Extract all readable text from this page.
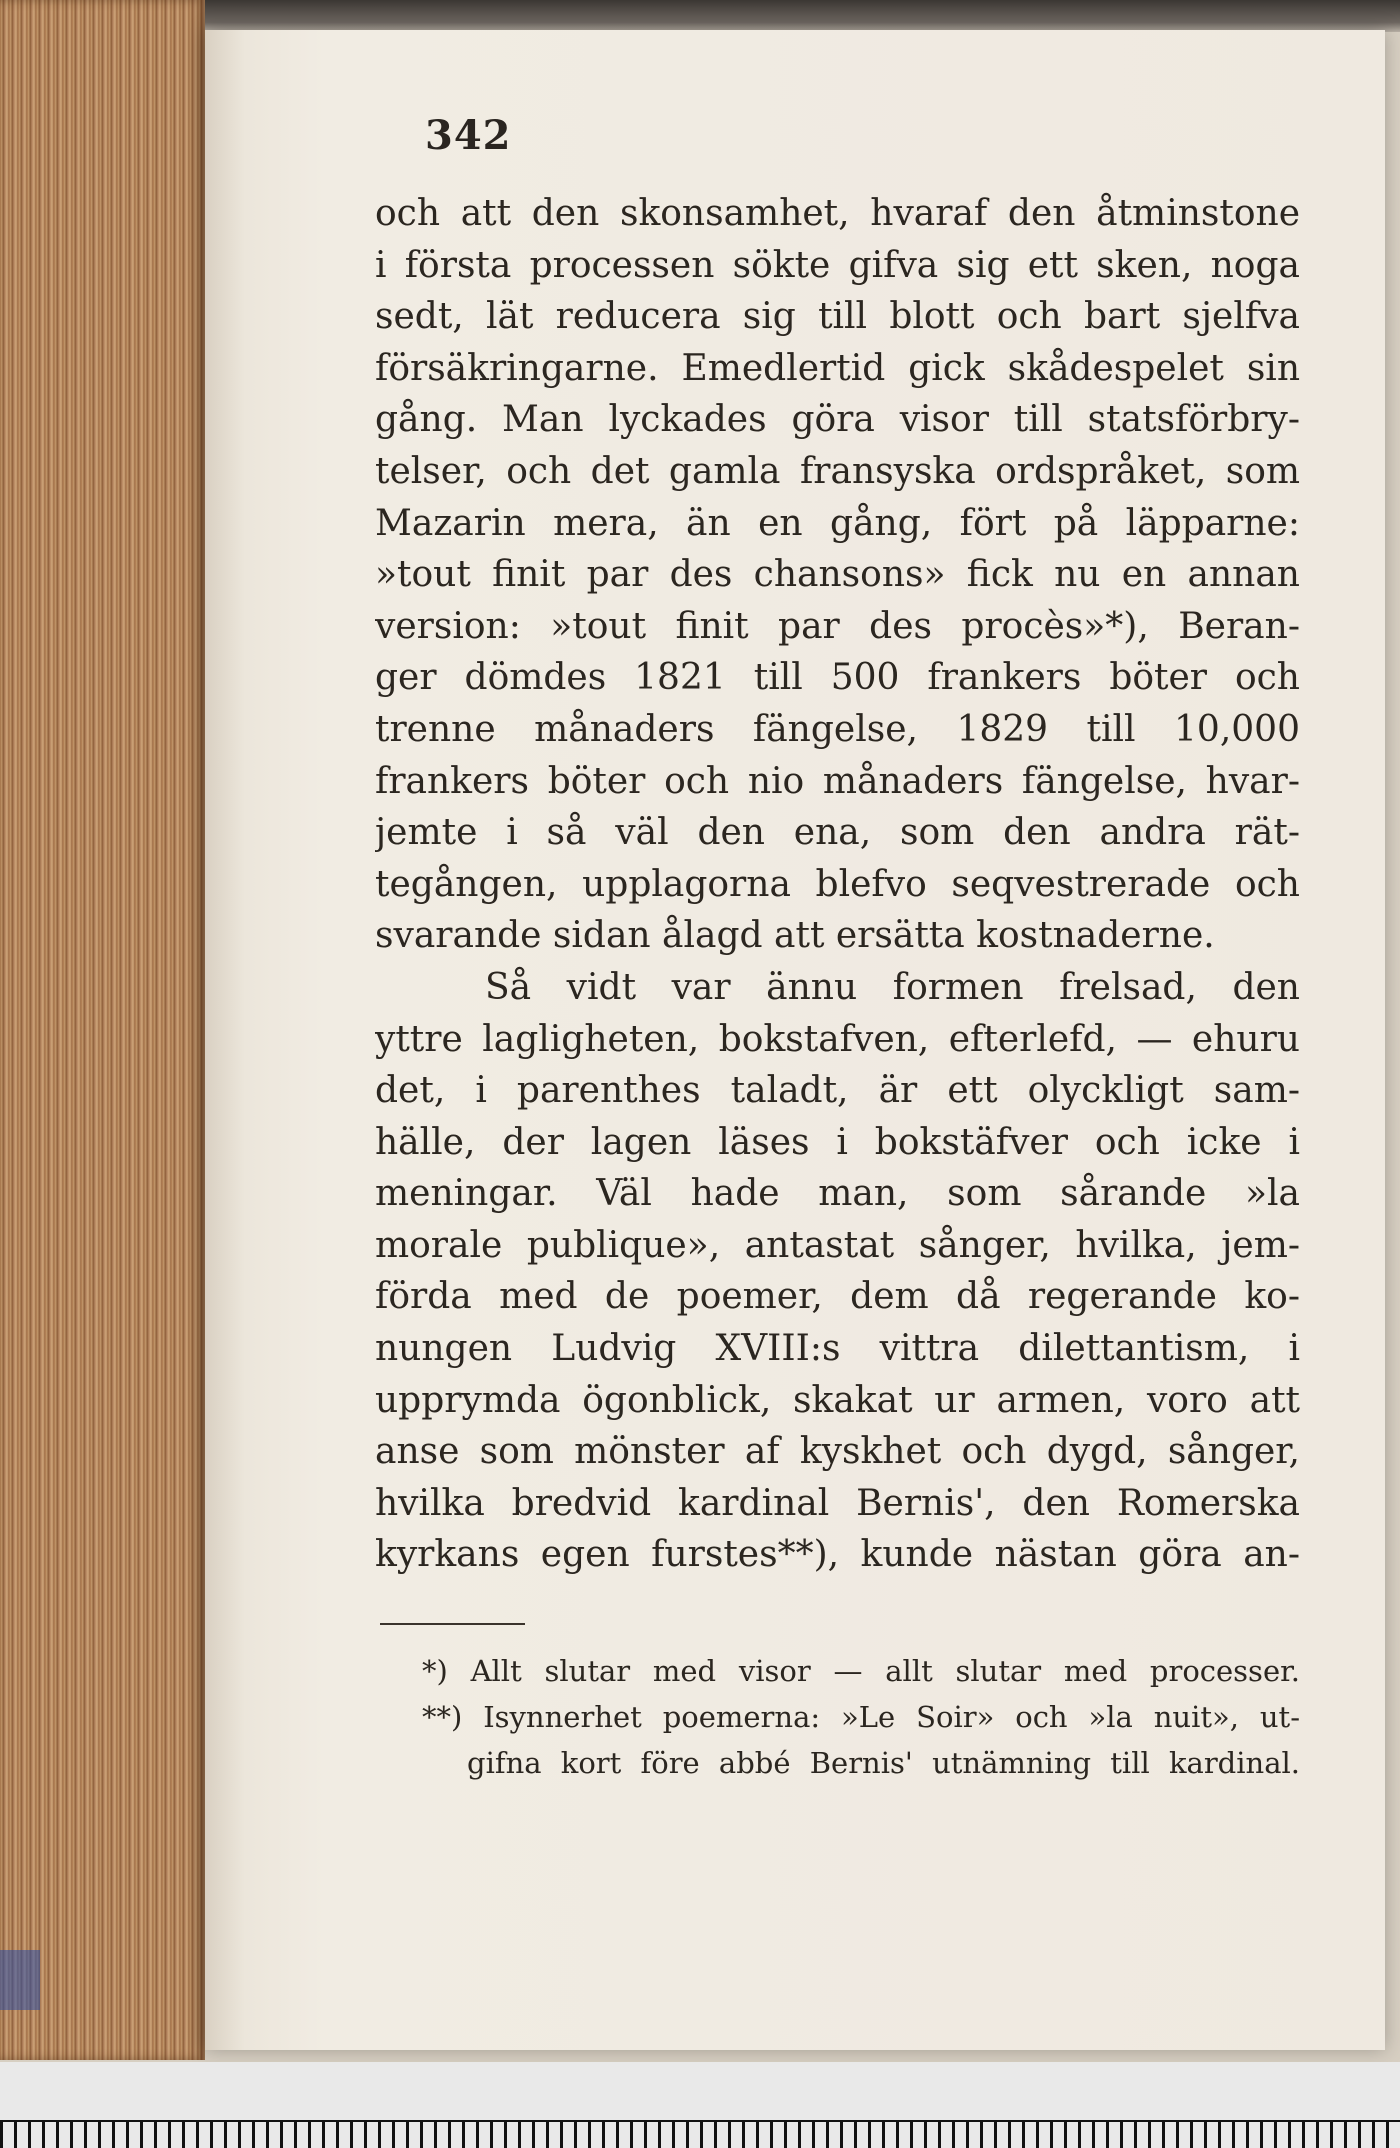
342
och att den skonsamhet, hvaraf den åtminstone
i första processen sökte gifva sig ett sken, noga
sedt, lät reducera sig till blott och bart sjelfva
försäkringarne. Emedlertid gick skådespelet sin
gång. Man lyckades göra visor till statsförbry-
telser, och det gamla fransyska ordspråket, som
Mazarin mera, än en gång, fört på läpparne:
»tout finit par des chansons» fick nu en annan
version: »tout finit par des procès»*), Beran-
ger dömdes 1821 till 500 frankers böter och
trenne månaders fängelse, 1829 till 10,000
frankers böter och nio månaders fängelse, hvar-
jemte i så väl den ena, som den andra rät-
tegången, upplagorna blefvo seqvestrerade och
svarande sidan ålagd att ersätta kostnaderne.
Så vidt var ännu formen frelsad, den
yttre lagligheten, bokstafven, efterlefd, — ehuru
det, i parenthes taladt, är ett olyckligt sam-
hälle, der lagen läses i bokstäfver och icke i
meningar. Väl hade man, som sårande »la
morale publique», antastat sånger, hvilka, jem-
förda med de poemer, dem då regerande ko-
nungen Ludvig XVIII:s vittra dilettantism, i
upprymda ögonblick, skakat ur armen, voro att
anse som mönster af kyskhet och dygd, sånger,
hvilka bredvid kardinal Bernis', den Romerska
kyrkans egen furstes**), kunde nästan göra an-
*) Allt slutar med visor — allt slutar med processer.
**) Isynnerhet poemerna: »Le Soir» och »la nuit», ut-
gifna kort före abbé Bernis' utnämning till kardinal.
